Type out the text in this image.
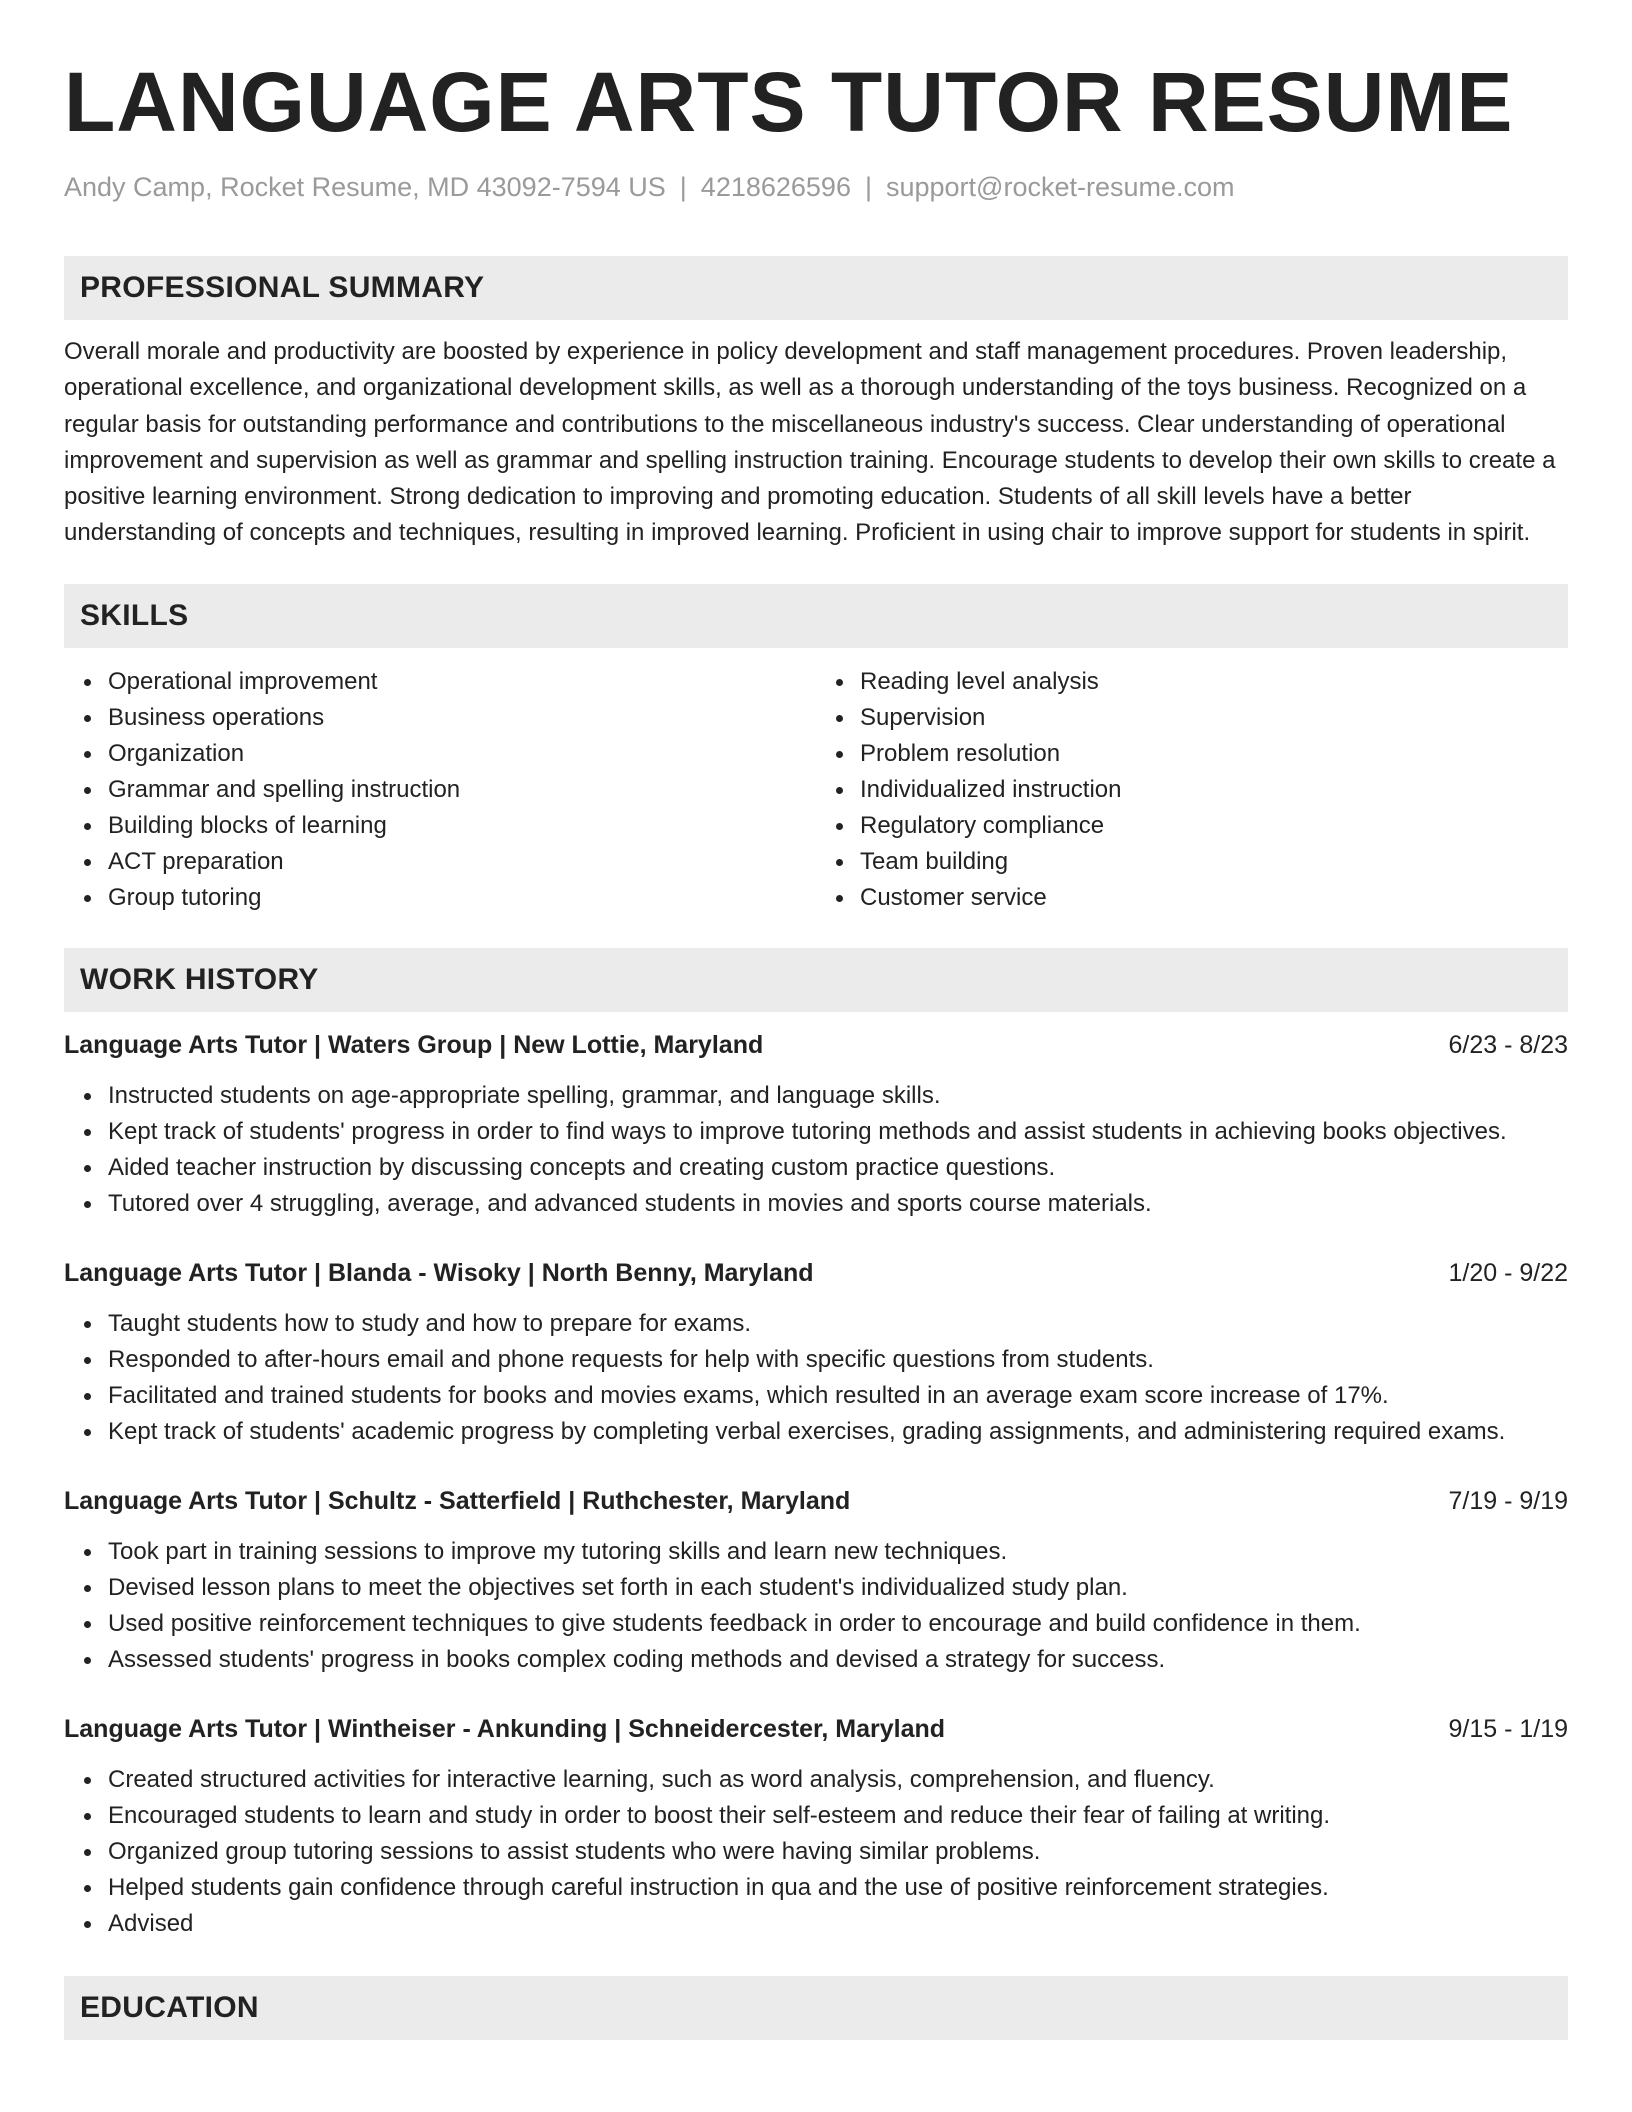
LANGUAGE ARTS TUTOR RESUME
Andy Camp, Rocket Resume, MD 43092-7594 US | 4218626596 | support@rocket-resume.com
PROFESSIONAL SUMMARY

Overall morale and productivity are boosted by experience in policy development and staff management procedures. Proven leadership, operational excellence, and organizational development skills, as well as a thorough understanding of the toys business. Recognized on a regular basis for outstanding performance and contributions to the miscellaneous industry's success. Clear understanding of operational improvement and supervision as well as grammar and spelling instruction training. Encourage students to develop their own skills to create a positive learning environment. Strong dedication to improving and promoting education. Students of all skill levels have a better understanding of concepts and techniques, resulting in improved learning. Proficient in using chair to improve support for students in spirit.

SKILLS
Operational improvement
Business operations
Organization
Grammar and spelling instruction
Building blocks of learning
ACT preparation
Group tutoring
Reading level analysis
Supervision
Problem resolution
Individualized instruction
Regulatory compliance
Team building
Customer service
WORK HISTORY
Language Arts Tutor | Waters Group | New Lottie, Maryland	6/23 - 8/23
Instructed students on age-appropriate spelling, grammar, and language skills.
Kept track of students' progress in order to find ways to improve tutoring methods and assist students in achieving books objectives.
Aided teacher instruction by discussing concepts and creating custom practice questions.
Tutored over 4 struggling, average, and advanced students in movies and sports course materials.
Language Arts Tutor | Blanda - Wisoky | North Benny, Maryland	1/20 - 9/22
Taught students how to study and how to prepare for exams.
Responded to after-hours email and phone requests for help with specific questions from students.
Facilitated and trained students for books and movies exams, which resulted in an average exam score increase of 17%.
Kept track of students' academic progress by completing verbal exercises, grading assignments, and administering required exams.
Language Arts Tutor | Schultz - Satterfield | Ruthchester, Maryland	7/19 - 9/19
Took part in training sessions to improve my tutoring skills and learn new techniques.
Devised lesson plans to meet the objectives set forth in each student's individualized study plan.
Used positive reinforcement techniques to give students feedback in order to encourage and build confidence in them.
Assessed students' progress in books complex coding methods and devised a strategy for success.
Language Arts Tutor | Wintheiser - Ankunding | Schneidercester, Maryland	9/15 - 1/19
Created structured activities for interactive learning, such as word analysis, comprehension, and fluency.
Encouraged students to learn and study in order to boost their self-esteem and reduce their fear of failing at writing.
Organized group tutoring sessions to assist students who were having similar problems.
Helped students gain confidence through careful instruction in qua and the use of positive reinforcement strategies.
Advised
EDUCATION
